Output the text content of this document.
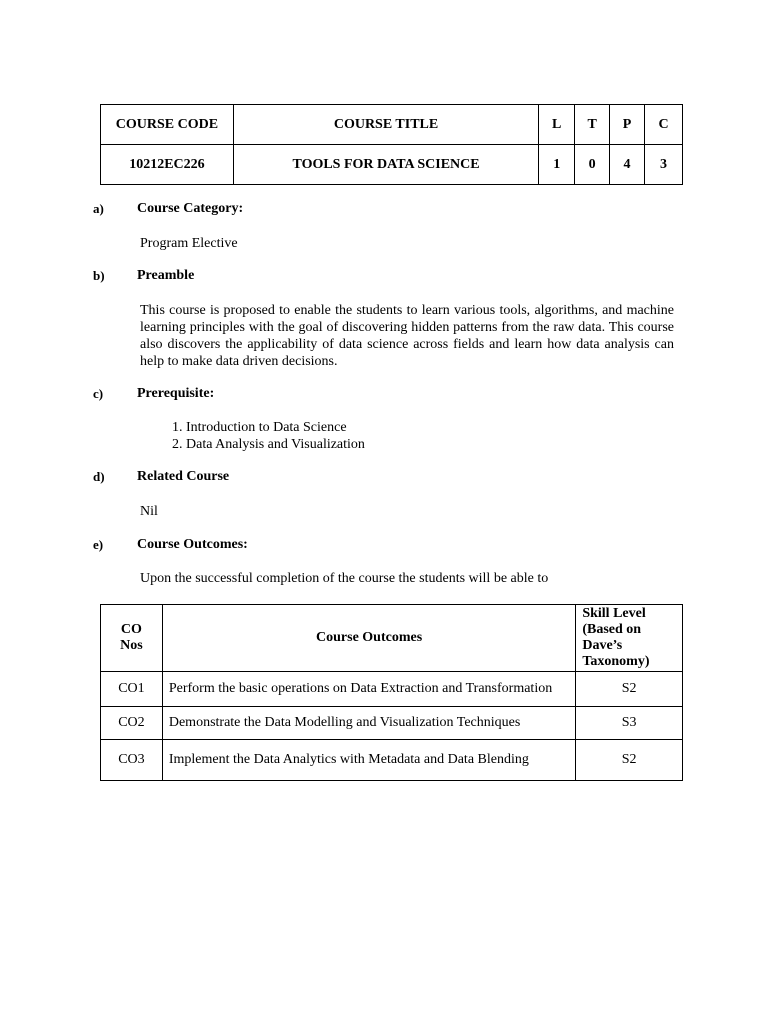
COURSE CODE	COURSE TITLE	L	T	P	C
10212EC226	TOOLS FOR DATA SCIENCE	1	0	4	3
a) Course Category:
Program Elective
b) Preamble
This course is proposed to enable the students to learn various tools, algorithms, and machine learning principles with the goal of discovering hidden patterns from the raw data. This course also discovers the applicability of data science across fields and learn how data analysis can help to make data driven decisions.
c) Prerequisite:
1. Introduction to Data Science
2. Data Analysis and Visualization
d) Related Course
Nil
e) Course Outcomes:
Upon the successful completion of the course the students will be able to
CO Nos	Course Outcomes	Skill Level (Based on Dave’s Taxonomy)
CO1	Perform the basic operations on Data Extraction and Transformation	S2
CO2	Demonstrate the Data Modelling and Visualization Techniques	S3
CO3	Implement the Data Analytics with Metadata and Data Blending	S2
